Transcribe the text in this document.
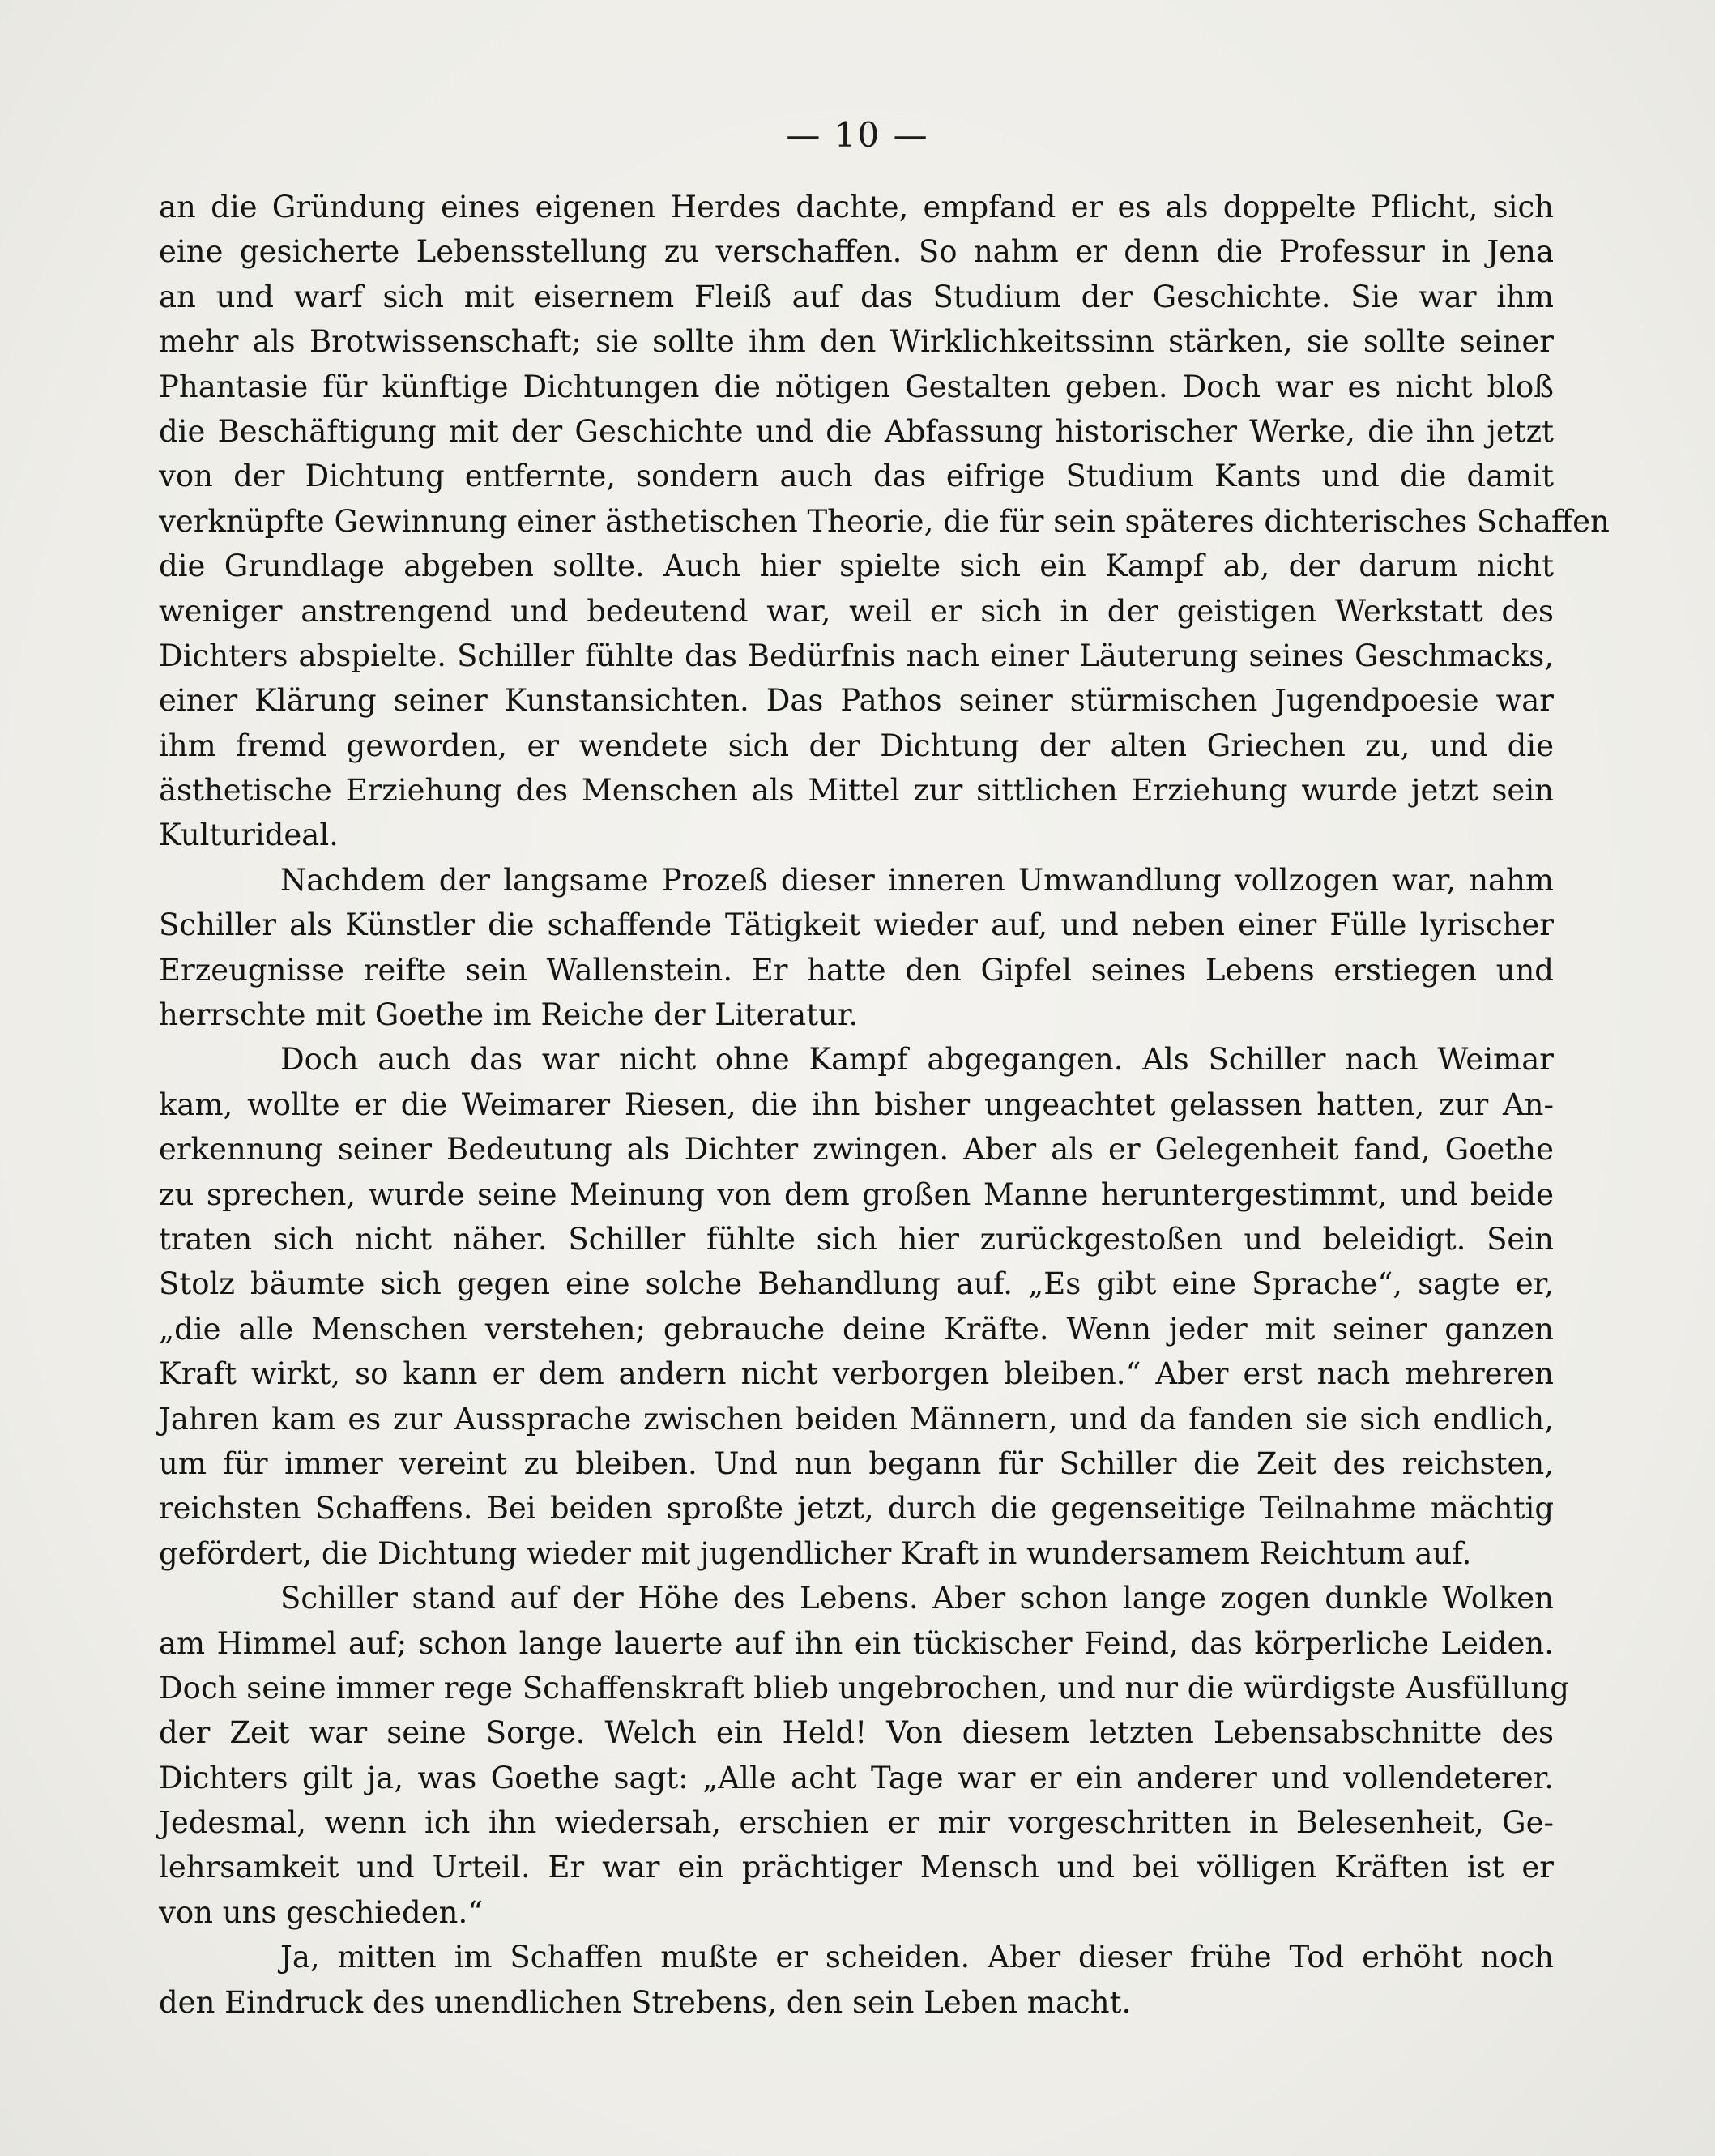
— 10 —
an die Gründung eines eigenen Herdes dachte, empfand er es als doppelte Pflicht, sich
eine gesicherte Lebensstellung zu verschaffen. So nahm er denn die Professur in Jena
an und warf sich mit eisernem Fleiß auf das Studium der Geschichte. Sie war ihm
mehr als Brotwissenschaft; sie sollte ihm den Wirklichkeitssinn stärken, sie sollte seiner
Phantasie für künftige Dichtungen die nötigen Gestalten geben. Doch war es nicht bloß
die Beschäftigung mit der Geschichte und die Abfassung historischer Werke, die ihn jetzt
von der Dichtung entfernte, sondern auch das eifrige Studium Kants und die damit
verknüpfte Gewinnung einer ästhetischen Theorie, die für sein späteres dichterisches Schaffen
die Grundlage abgeben sollte. Auch hier spielte sich ein Kampf ab, der darum nicht
weniger anstrengend und bedeutend war, weil er sich in der geistigen Werkstatt des
Dichters abspielte. Schiller fühlte das Bedürfnis nach einer Läuterung seines Geschmacks,
einer Klärung seiner Kunstansichten. Das Pathos seiner stürmischen Jugendpoesie war
ihm fremd geworden, er wendete sich der Dichtung der alten Griechen zu, und die
ästhetische Erziehung des Menschen als Mittel zur sittlichen Erziehung wurde jetzt sein
Kulturideal.
Nachdem der langsame Prozeß dieser inneren Umwandlung vollzogen war, nahm
Schiller als Künstler die schaffende Tätigkeit wieder auf, und neben einer Fülle lyrischer
Erzeugnisse reifte sein Wallenstein. Er hatte den Gipfel seines Lebens erstiegen und
herrschte mit Goethe im Reiche der Literatur.
Doch auch das war nicht ohne Kampf abgegangen. Als Schiller nach Weimar
kam, wollte er die Weimarer Riesen, die ihn bisher ungeachtet gelassen hatten, zur An-
erkennung seiner Bedeutung als Dichter zwingen. Aber als er Gelegenheit fand, Goethe
zu sprechen, wurde seine Meinung von dem großen Manne heruntergestimmt, und beide
traten sich nicht näher. Schiller fühlte sich hier zurückgestoßen und beleidigt. Sein
Stolz bäumte sich gegen eine solche Behandlung auf. „Es gibt eine Sprache“, sagte er,
„die alle Menschen verstehen; gebrauche deine Kräfte. Wenn jeder mit seiner ganzen
Kraft wirkt, so kann er dem andern nicht verborgen bleiben.“ Aber erst nach mehreren
Jahren kam es zur Aussprache zwischen beiden Männern, und da fanden sie sich endlich,
um für immer vereint zu bleiben. Und nun begann für Schiller die Zeit des reichsten,
reichsten Schaffens. Bei beiden sproßte jetzt, durch die gegenseitige Teilnahme mächtig
gefördert, die Dichtung wieder mit jugendlicher Kraft in wundersamem Reichtum auf.
Schiller stand auf der Höhe des Lebens. Aber schon lange zogen dunkle Wolken
am Himmel auf; schon lange lauerte auf ihn ein tückischer Feind, das körperliche Leiden.
Doch seine immer rege Schaffenskraft blieb ungebrochen, und nur die würdigste Ausfüllung
der Zeit war seine Sorge. Welch ein Held! Von diesem letzten Lebensabschnitte des
Dichters gilt ja, was Goethe sagt: „Alle acht Tage war er ein anderer und vollendeterer.
Jedesmal, wenn ich ihn wiedersah, erschien er mir vorgeschritten in Belesenheit, Ge-
lehrsamkeit und Urteil. Er war ein prächtiger Mensch und bei völligen Kräften ist er
von uns geschieden.“
Ja, mitten im Schaffen mußte er scheiden. Aber dieser frühe Tod erhöht noch
den Eindruck des unendlichen Strebens, den sein Leben macht.
